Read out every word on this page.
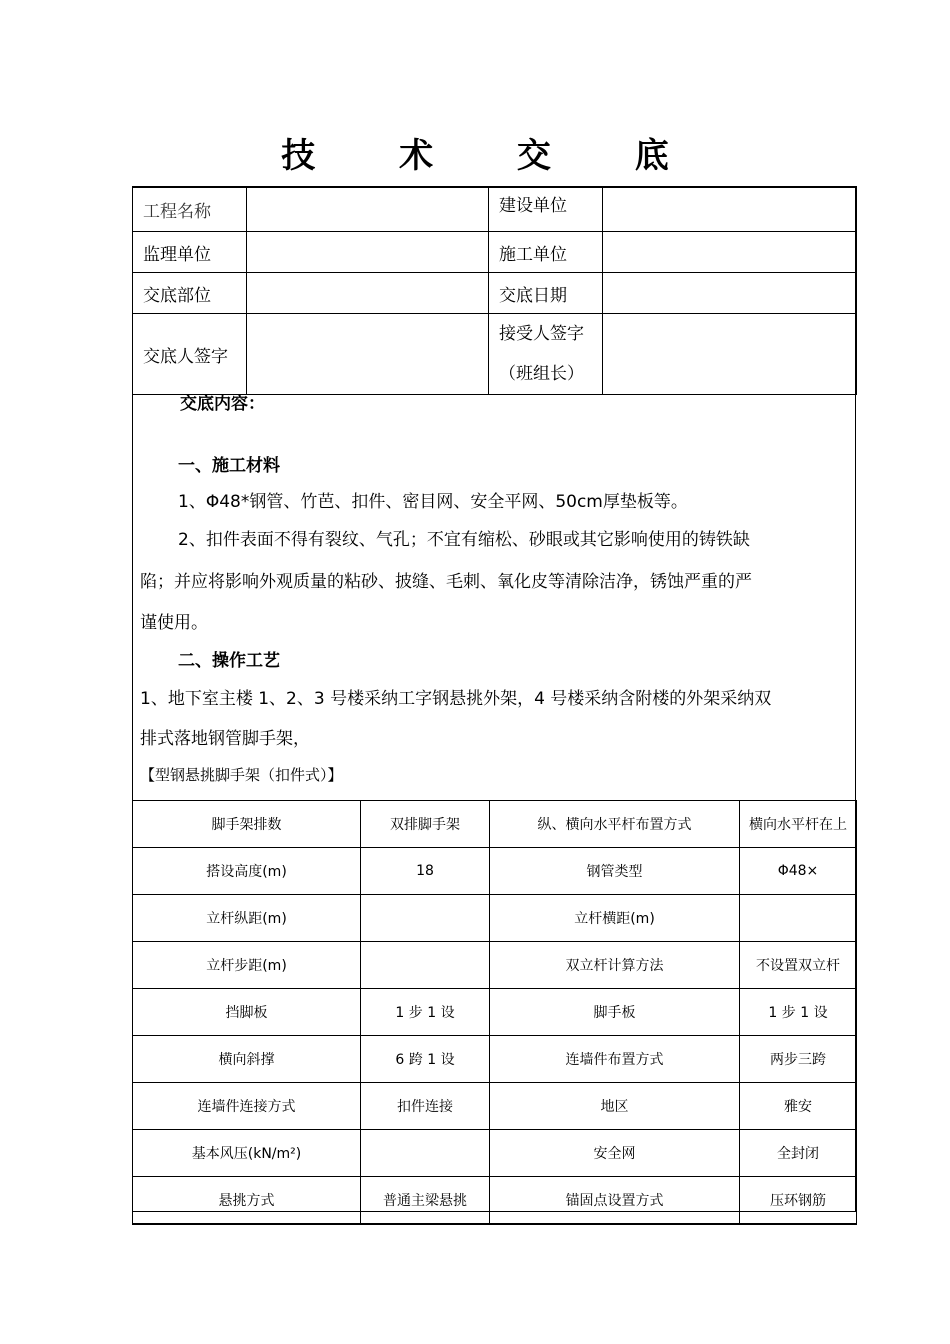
技 术 交 底
工程名称		建设单位	
监理单位		施工单位	
交底部位		交底日期	
交底人签字		接受人签字
（班组长）	

交底内容：
一、施工材料
1、Φ48*钢管、竹芭、扣件、密目网、安全平网、50cm厚垫板等。
2、扣件表面不得有裂纹、气孔；不宜有缩松、砂眼或其它影响使用的铸铁缺
陷；并应将影响外观质量的粘砂、披缝、毛刺、氧化皮等清除洁净，锈蚀严重的严
谨使用。
二、操作工艺
1、地下室主楼 1、2、3 号楼采纳工字钢悬挑外架，4 号楼采纳含附楼的外架采纳双
排式落地钢管脚手架，
【型钢悬挑脚手架（扣件式）】
脚手架排数	双排脚手架	纵、横向水平杆布置方式	横向水平杆在上
搭设高度(m)	18	钢管类型	Φ48×
立杆纵距(m)		立杆横距(m)	
立杆步距(m)		双立杆计算方法	不设置双立杆
挡脚板	1 步 1 设	脚手板	1 步 1 设
横向斜撑	6 跨 1 设	连墙件布置方式	两步三跨
连墙件连接方式	扣件连接	地区	雅安
基本风压(kN/m²)		安全网	全封闭
悬挑方式	普通主梁悬挑	锚固点设置方式	压环钢筋
